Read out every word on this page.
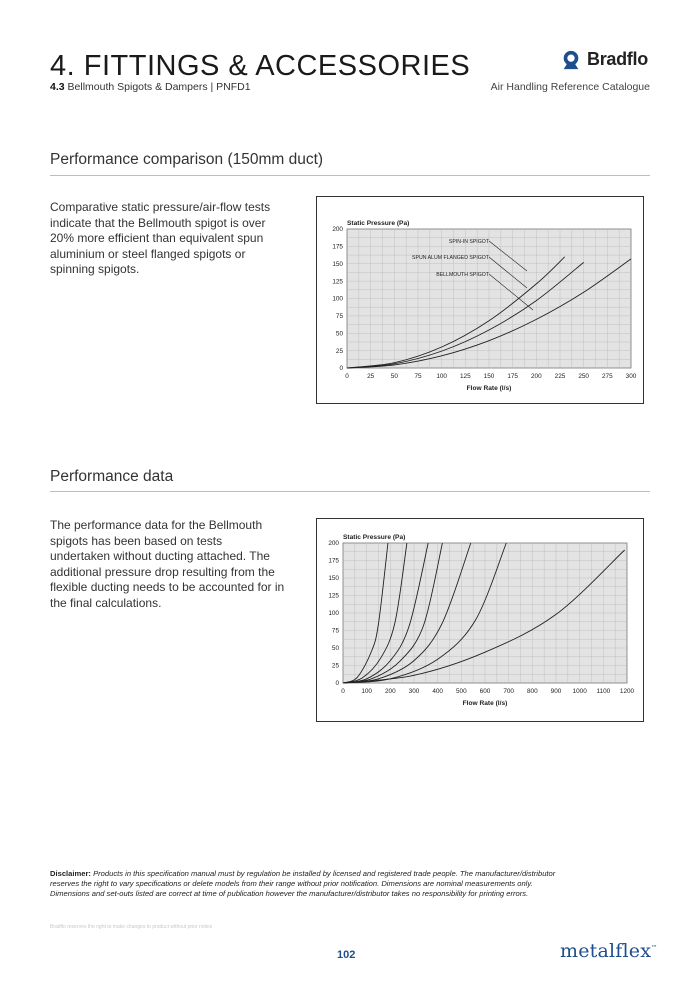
4. FITTINGS & ACCESSORIES
4.3 Bellmouth Spigots & Dampers | PNFD1
Bradflo
Air Handling Reference Catalogue
Performance comparison (150mm duct)
Comparative static pressure/air-flow tests indicate that the Bellmouth spigot is over 20% more efficient than equivalent spun aluminium or steel flanged spigots or spinning spigots.
0	25	50	75 100 125 150 175 200 225 250 275 300
0
25
50
75
100
125
150
175
200
Static Pressure (Pa)
Flow Rate (l/s)
SPIN-IN SPIGOT
SPUN ALUM FLANGED SPIGOT
BELLMOUTH SPIGOT
Performance data
The performance data for the Bellmouth spigots has been based on tests undertaken without ducting attached. The additional pressure drop resulting from the flexible ducting needs to be accounted for in the final calculations.
0	100 200 300 400 500 600 700 800 900 1000 1100 1200
0
25
50
75
100
125
150
175
200
Static Pressure (Pa)
Flow Rate (l/s)
Disclaimer: Products in this specification manual must by regulation be installed by licensed and registered trade people. The manufacturer/distributor reserves the right to vary specifications or delete models from their range without prior notification. Dimensions are nominal measurements only. Dimensions and set-outs listed are correct at time of publication however the manufacturer/distributor takes no responsibility for printing errors.
Bradflo reserves the right to make changes to product without prior notice
102	metalflex™
